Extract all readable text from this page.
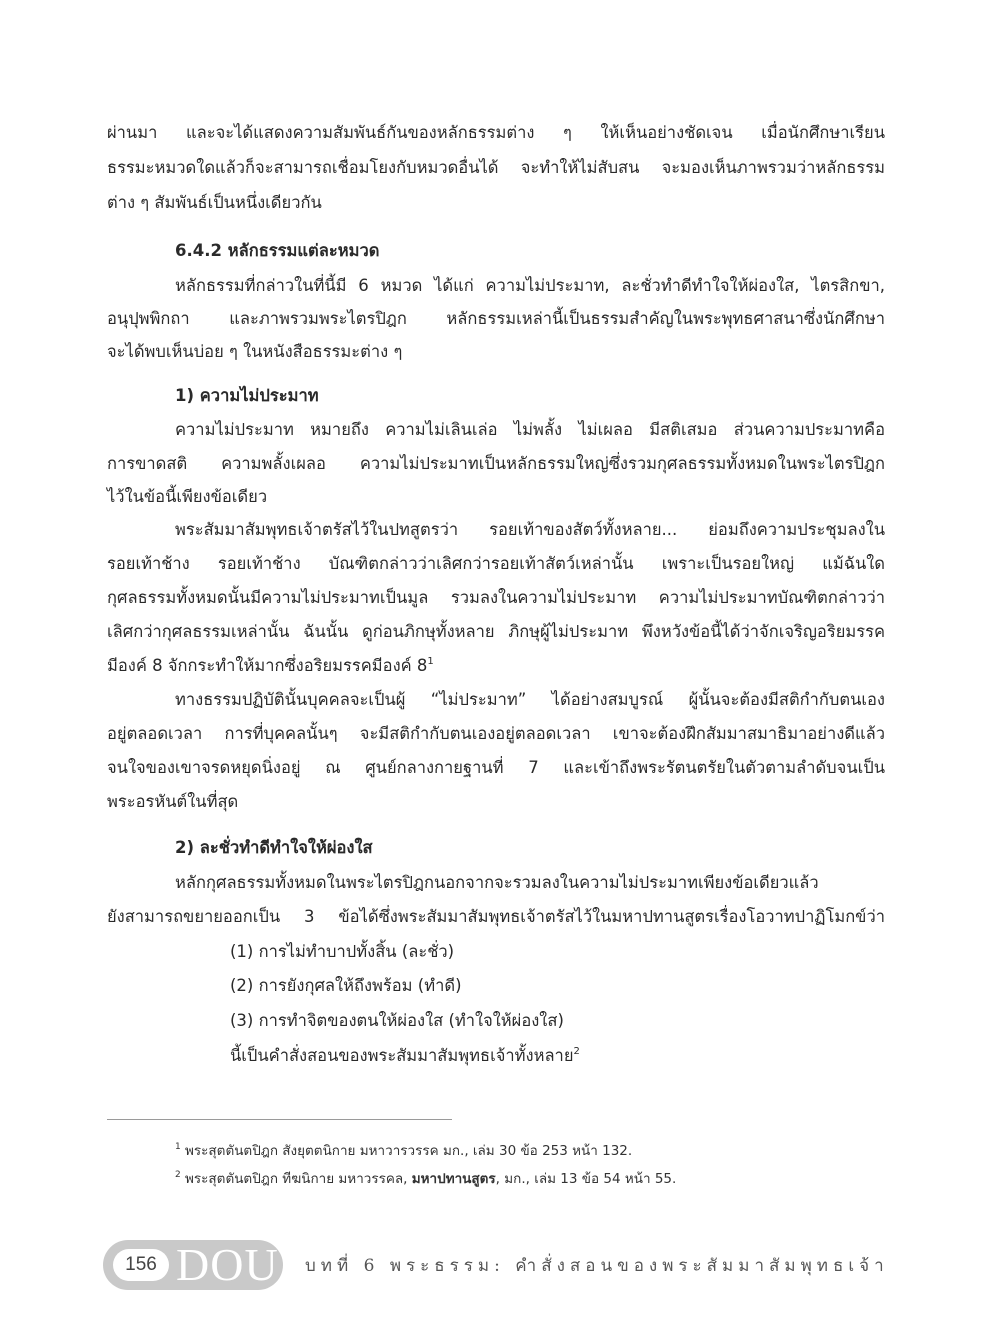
ผ่านมา และจะได้แสดงความสัมพันธ์กันของหลักธรรมต่าง ๆ ให้เห็นอย่างชัดเจน เมื่อนักศึกษาเรียน
ธรรมะหมวดใดแล้วก็จะสามารถเชื่อมโยงกับหมวดอื่นได้ จะทำให้ไม่สับสน จะมองเห็นภาพรวมว่าหลักธรรม
ต่าง ๆ สัมพันธ์เป็นหนึ่งเดียวกัน
6.4.2 หลักธรรมแต่ละหมวด
หลักธรรมที่กล่าวในที่นี้มี 6 หมวด ได้แก่ ความไม่ประมาท, ละชั่วทำดีทำใจให้ผ่องใส, ไตรสิกขา,
อนุปุพพิกถา และภาพรวมพระไตรปิฎก หลักธรรมเหล่านี้เป็นธรรมสำคัญในพระพุทธศาสนาซึ่งนักศึกษา
จะได้พบเห็นบ่อย ๆ ในหนังสือธรรมะต่าง ๆ
1) ความไม่ประมาท
ความไม่ประมาท หมายถึง ความไม่เลินเล่อ ไม่พลั้ง ไม่เผลอ มีสติเสมอ ส่วนความประมาทคือ
การขาดสติ ความพลั้งเผลอ ความไม่ประมาทเป็นหลักธรรมใหญ่ซึ่งรวมกุศลธรรมทั้งหมดในพระไตรปิฎก
ไว้ในข้อนี้เพียงข้อเดียว
พระสัมมาสัมพุทธเจ้าตรัสไว้ในปทสูตรว่า รอยเท้าของสัตว์ทั้งหลาย... ย่อมถึงความประชุมลงใน
รอยเท้าช้าง รอยเท้าช้าง บัณฑิตกล่าวว่าเลิศกว่ารอยเท้าสัตว์เหล่านั้น เพราะเป็นรอยใหญ่ แม้ฉันใด
กุศลธรรมทั้งหมดนั้นมีความไม่ประมาทเป็นมูล รวมลงในความไม่ประมาท ความไม่ประมาทบัณฑิตกล่าวว่า
เลิศกว่ากุศลธรรมเหล่านั้น ฉันนั้น ดูก่อนภิกษุทั้งหลาย ภิกษุผู้ไม่ประมาท พึงหวังข้อนี้ได้ว่าจักเจริญอริยมรรค
มีองค์ 8 จักกระทำให้มากซึ่งอริยมรรคมีองค์ $8^1$
ทางธรรมปฏิบัตินั้นบุคคลจะเป็นผู้ “ไม่ประมาท” ได้อย่างสมบูรณ์ ผู้นั้นจะต้องมีสติกำกับตนเอง
อยู่ตลอดเวลา การที่บุคคลนั้นๆ จะมีสติกำกับตนเองอยู่ตลอดเวลา เขาจะต้องฝึกสัมมาสมาธิมาอย่างดีแล้ว
จนใจของเขาจรดหยุดนิ่งอยู่ ณ ศูนย์กลางกายฐานที่ 7 และเข้าถึงพระรัตนตรัยในตัวตามลำดับจนเป็น
พระอรหันต์ในที่สุด
2) ละชั่วทำดีทำใจให้ผ่องใส
หลักกุศลธรรมทั้งหมดในพระไตรปิฎกนอกจากจะรวมลงในความไม่ประมาทเพียงข้อเดียวแล้ว
ยังสามารถขยายออกเป็น 3 ข้อได้ซึ่งพระสัมมาสัมพุทธเจ้าตรัสไว้ในมหาปทานสูตรเรื่องโอวาทปาฏิโมกข์ว่า
(1) การไม่ทำบาปทั้งสิ้น (ละชั่ว)
(2) การยังกุศลให้ถึงพร้อม (ทำดี)
(3) การทำจิตของตนให้ผ่องใส (ทำใจให้ผ่องใส)
นี้เป็นคำสั่งสอนของพระสัมมาสัมพุทธเจ้าทั้งหลาย$^2$
$^1$ พระสุตตันตปิฎก สังยุตตนิกาย มหาวารวรรค มก., เล่ม 30 ข้อ 253 หน้า 132.
$^2$ พระสุตตันตปิฎก ทีฆนิกาย มหาวรรคล, มหาปทานสูตร, มก., เล่ม 13 ข้อ 54 หน้า 55.
156 DOU บทที่ 6 พระธรรม: คำสั่งสอนของพระสัมมาสัมพุทธเจ้า
